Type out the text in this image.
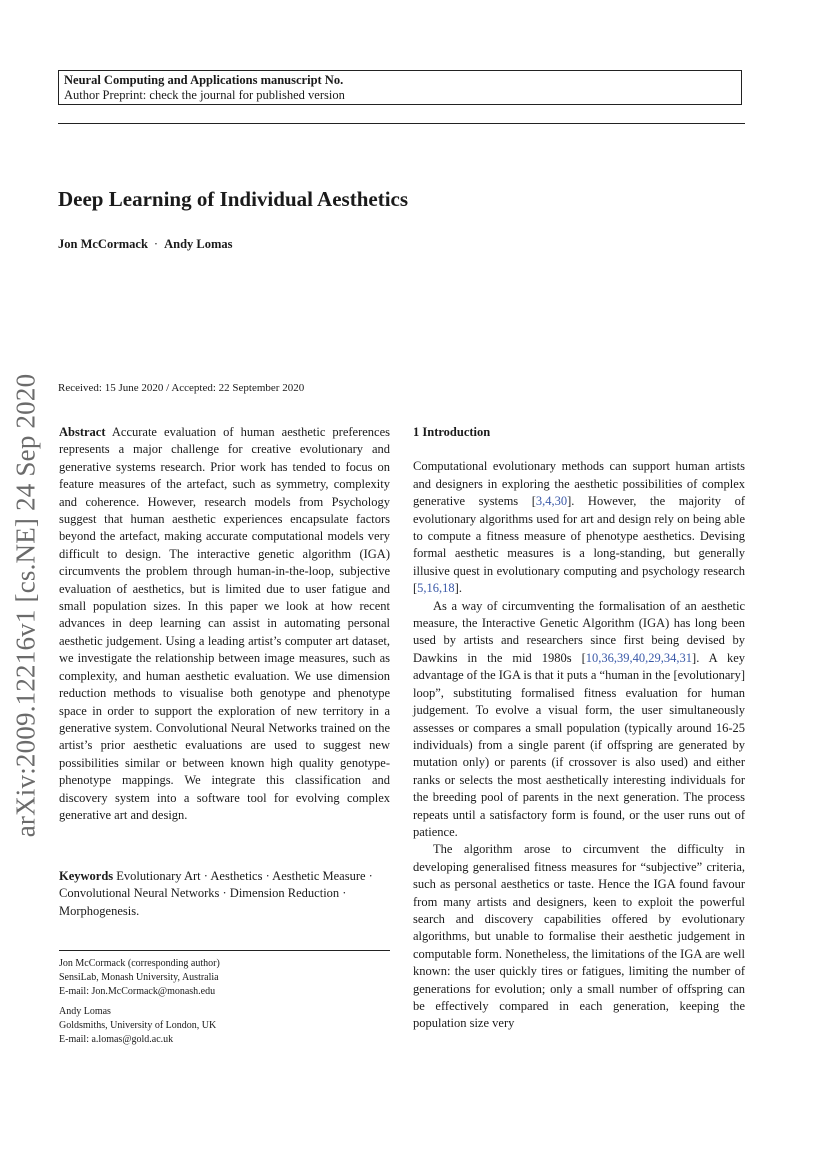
Neural Computing and Applications manuscript No.
Author Preprint: check the journal for published version
Deep Learning of Individual Aesthetics
Jon McCormack · Andy Lomas
arXiv:2009.12216v1 [cs.NE] 24 Sep 2020 Received: 15 June 2020 / Accepted: 22 September 2020

Abstract Accurate evaluation of human aesthetic preferences represents a major challenge for creative evolutionary and generative systems research. Prior work has tended to focus on feature measures of the artefact, such as symmetry, complexity and coherence. However, research models from Psychology suggest that human aesthetic experiences encapsulate factors beyond the artefact, making accurate computational models very difficult to design. The interactive genetic algorithm (IGA) circumvents the problem through human-in-the-loop, subjective evaluation of aesthetics, but is limited due to user fatigue and small population sizes. In this paper we look at how recent advances in deep learning can assist in automating personal aesthetic judgement. Using a leading artist’s computer art dataset, we investigate the relationship between image measures, such as complexity, and human aesthetic evaluation. We use dimension reduction methods to visualise both genotype and phenotype space in order to support the exploration of new territory in a generative system. Convolutional Neural Networks trained on the artist’s prior aesthetic evaluations are used to suggest new possibilities similar or between known high quality genotype-phenotype mappings. We integrate this classification and discovery system into a software tool for evolving complex generative art and design.

Keywords Evolutionary Art · Aesthetics · Aesthetic Measure · Convolutional Neural Networks · Dimension Reduction · Morphogenesis.
Jon McCormack (corresponding author)
SensiLab, Monash University, Australia
E-mail: Jon.McCormack@monash.edu
Andy Lomas
Goldsmiths, University of London, UK
E-mail: a.lomas@gold.ac.uk

1 Introduction

Computational evolutionary methods can support human artists and designers in exploring the aesthetic possibilities of complex generative systems [3,4,30]. However, the majority of evolutionary algorithms used for art and design rely on being able to compute a fitness measure of phenotype aesthetics. Devising formal aesthetic measures is a long-standing, but generally illusive quest in evolutionary computing and psychology research [5,16,18].

As a way of circumventing the formalisation of an aesthetic measure, the Interactive Genetic Algorithm (IGA) has long been used by artists and researchers since first being devised by Dawkins in the mid 1980s [10,36,39,40,29,34,31]. A key advantage of the IGA is that it puts a “human in the [evolutionary] loop”, substituting formalised fitness evaluation for human judgement. To evolve a visual form, the user simultaneously assesses or compares a small population (typically around 16-25 individuals) from a single parent (if offspring are generated by mutation only) or parents (if crossover is also used) and either ranks or selects the most aesthetically interesting individuals for the breeding pool of parents in the next generation. The process repeats until a satisfactory form is found, or the user runs out of patience.

The algorithm arose to circumvent the difficulty in developing generalised fitness measures for “subjective” criteria, such as personal aesthetics or taste. Hence the IGA found favour from many artists and designers, keen to exploit the powerful search and discovery capabilities offered by evolutionary algorithms, but unable to formalise their aesthetic judgement in computable form. Nonetheless, the limitations of the IGA are well known: the user quickly tires or fatigues, limiting the number of generations for evolution; only a small number of offspring can be effectively compared in each generation, keeping the population size very
